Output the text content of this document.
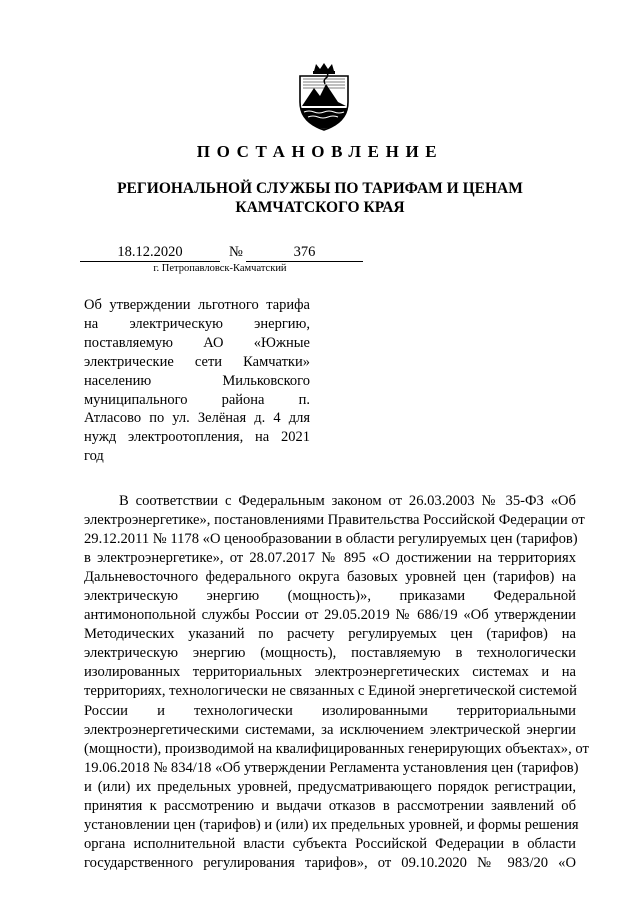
ПОСТАНОВЛЕНИЕ
РЕГИОНАЛЬНОЙ СЛУЖБЫ ПО ТАРИФАМ И ЦЕНАМ
КАМЧАТСКОГО КРАЯ
18.12.2020	№	376
г. Петропавловск-Камчатский
Об утверждении льготного тарифа
на электрическую энергию,
поставляемую АО «Южные
электрические сети Камчатки»
населению Мильковского
муниципального района п.
Атласово по ул. Зелёная д. 4 для
нужд электроотопления, на 2021
год
В соответствии с Федеральным законом от 26.03.2003 № 35-ФЗ «Об
электроэнергетике», постановлениями Правительства Российской Федерации от
29.12.2011 № 1178 «О ценообразовании в области регулируемых цен (тарифов)
в электроэнергетике», от 28.07.2017 № 895 «О достижении на территориях
Дальневосточного федерального округа базовых уровней цен (тарифов) на
электрическую энергию (мощность)», приказами Федеральной
антимонопольной службы России от 29.05.2019 № 686/19 «Об утверждении
Методических указаний по расчету регулируемых цен (тарифов) на
электрическую энергию (мощность), поставляемую в технологически
изолированных территориальных электроэнергетических системах и на
территориях, технологически не связанных с Единой энергетической системой
России и технологически изолированными территориальными
электроэнергетическими системами, за исключением электрической энергии
(мощности), производимой на квалифицированных генерирующих объектах», от
19.06.2018 № 834/18 «Об утверждении Регламента установления цен (тарифов)
и (или) их предельных уровней, предусматривающего порядок регистрации,
принятия к рассмотрению и выдачи отказов в рассмотрении заявлений об
установлении цен (тарифов) и (или) их предельных уровней, и формы решения
органа исполнительной власти субъекта Российской Федерации в области
государственного регулирования тарифов», от 09.10.2020 № 983/20 «О
